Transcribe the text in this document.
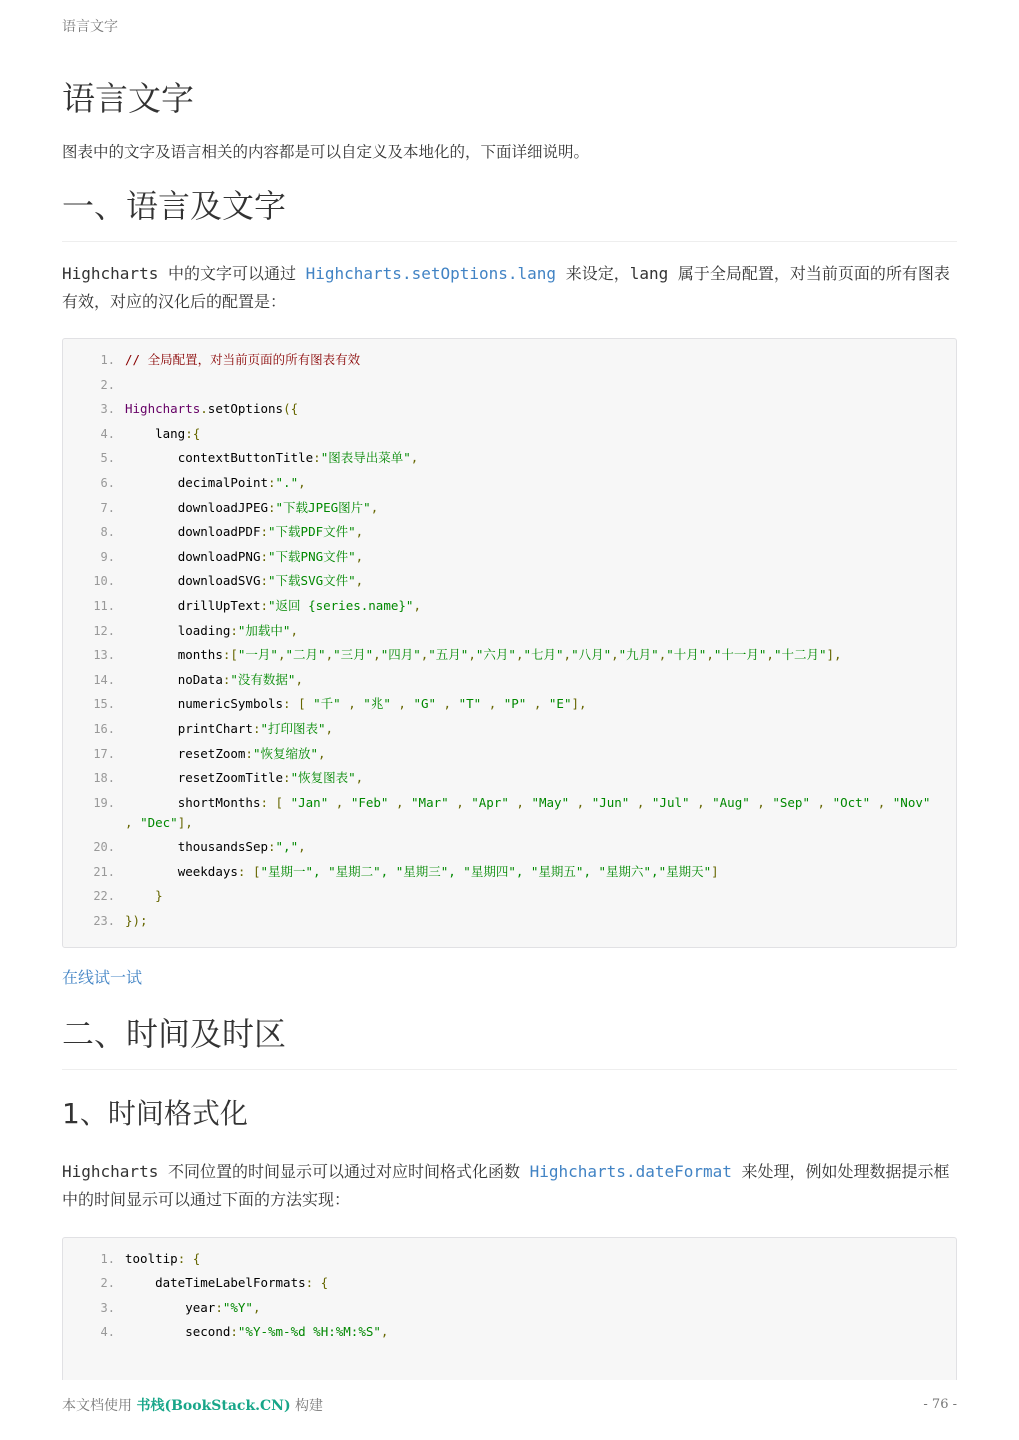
语言文字
语言文字

图表中的文字及语言相关的内容都是可以自定义及本地化的，下面详细说明。

一、语言及文字

Highcharts 中的文字可以通过 Highcharts.setOptions.lang 来设定，lang 属于全局配置，对当前页面的所有图表有效，对应的汉化后的配置是：

1. // 全局配置，对当前页面的所有图表有效
2.

3. Highcharts.setOptions({
4. lang:{
5. contextButtonTitle:"图表导出菜单",
6. decimalPoint:".",
7. downloadJPEG:"下载JPEG图片",
8. downloadPDF:"下载PDF文件",
9. downloadPNG:"下载PNG文件",
10. downloadSVG:"下载SVG文件",
11. drillUpText:"返回 {series.name}",
12. loading:"加载中",
13. months:["一月","二月","三月","四月","五月","六月","七月","八月","九月","十月","十一月","十二月"],
14. noData:"没有数据",
15. numericSymbols: [ "千" , "兆" , "G" , "T" , "P" , "E"],
16. printChart:"打印图表",
17. resetZoom:"恢复缩放",
18. resetZoomTitle:"恢复图表",
19. shortMonths: [ "Jan" , "Feb" , "Mar" , "Apr" , "May" , "Jun" , "Jul" , "Aug" , "Sep" , "Oct" , "Nov" , "Dec"],
20. thousandsSep:",",
21. weekdays: ["星期一", "星期二", "星期三", "星期四", "星期五", "星期六","星期天"]
22. }
23. });
在线试一试
二、时间及时区
1、时间格式化

Highcharts 不同位置的时间显示可以通过对应时间格式化函数 Highcharts.dateFormat 来处理，例如处理数据提示框中的时间显示可以通过下面的方法实现：

1. tooltip: {
2. dateTimeLabelFormats: {
3. year:"%Y",
4. second:"%Y-%m-%d %H:%M:%S",
本文档使用 书栈(BookStack.CN) 构建	- 76 -
